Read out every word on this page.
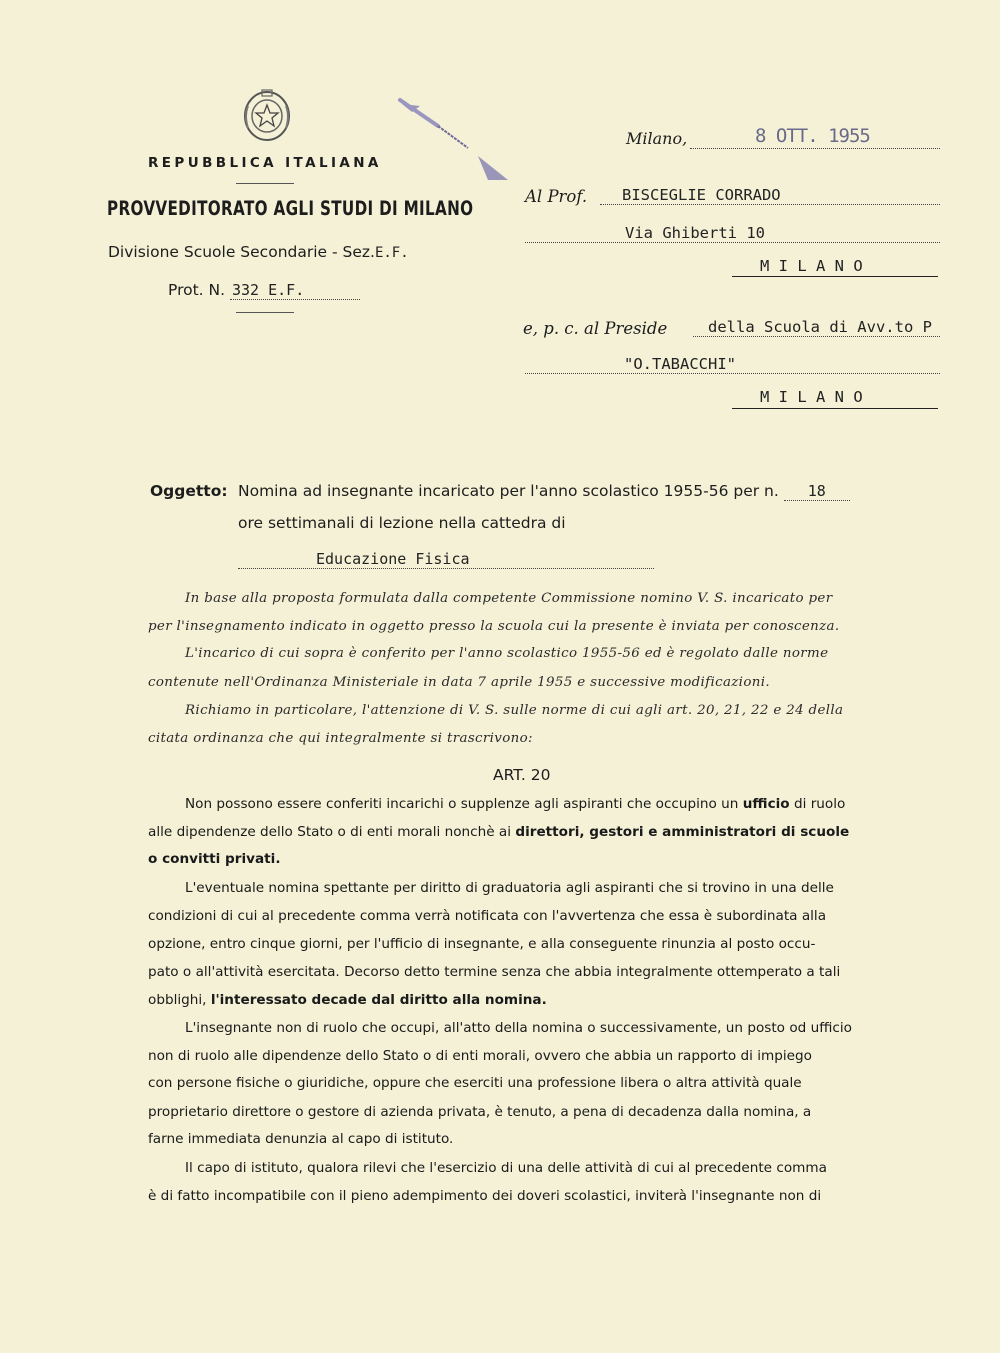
REPUBBLICA ITALIANA
PROVVEDITORATO AGLI STUDI DI MILANO
Divisione Scuole Secondarie - Sez.E.F.
Prot. N. 332 E.F.
Milano,	8 OTT. 1955
Al Prof. BISCEGLIE CORRADO
Via Ghiberti 10
M I L A N O
e, p. c. al Preside	della Scuola di Avv.to P
"O.TABACCHI"
M I L A N O
Oggetto: Nomina ad insegnante incaricato per l'anno scolastico 1955-56 per n. 18
ore settimanali di lezione nella cattedra di
Educazione Fisica
In base alla proposta formulata dalla competente Commissione nomino V. S. incaricato per
per l'insegnamento indicato in oggetto presso la scuola cui la presente è inviata per conoscenza.
L'incarico di cui sopra è conferito per l'anno scolastico 1955-56 ed è regolato dalle norme
contenute nell'Ordinanza Ministeriale in data 7 aprile 1955 e successive modificazioni.
Richiamo in particolare, l'attenzione di V. S. sulle norme di cui agli art. 20, 21, 22 e 24 della
citata ordinanza che qui integralmente si trascrivono:
ART. 20
Non possono essere conferiti incarichi o supplenze agli aspiranti che occupino un ufficio di ruolo
alle dipendenze dello Stato o di enti morali nonchè ai direttori, gestori e amministratori di scuole
o convitti privati.
L'eventuale nomina spettante per diritto di graduatoria agli aspiranti che si trovino in una delle
condizioni di cui al precedente comma verrà notificata con l'avvertenza che essa è subordinata alla
opzione, entro cinque giorni, per l'ufficio di insegnante, e alla conseguente rinunzia al posto occu-
pato o all'attività esercitata. Decorso detto termine senza che abbia integralmente ottemperato a tali
obblighi, l'interessato decade dal diritto alla nomina.
L'insegnante non di ruolo che occupi, all'atto della nomina o successivamente, un posto od ufficio
non di ruolo alle dipendenze dello Stato o di enti morali, ovvero che abbia un rapporto di impiego
con persone fisiche o giuridiche, oppure che eserciti una professione libera o altra attività quale
proprietario direttore o gestore di azienda privata, è tenuto, a pena di decadenza dalla nomina, a
farne immediata denunzia al capo di istituto.
Il capo di istituto, qualora rilevi che l'esercizio di una delle attività di cui al precedente comma
è di fatto incompatibile con il pieno adempimento dei doveri scolastici, inviterà l'insegnante non di
